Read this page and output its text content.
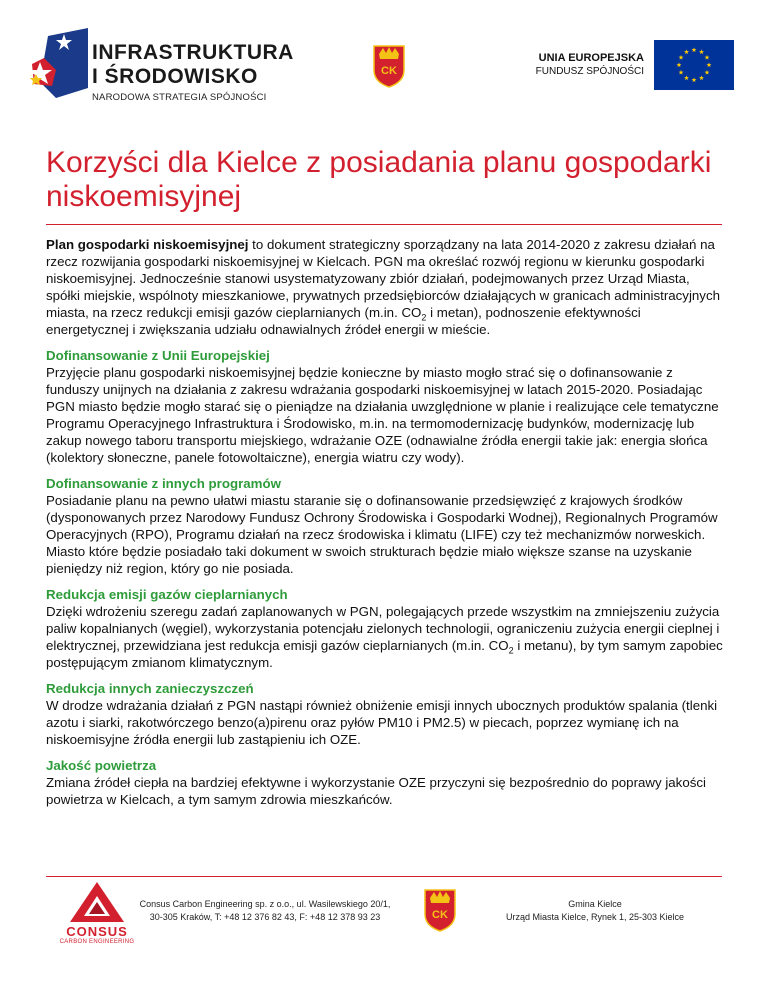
INFRASTRUKTURA
I ŚRODOWISKO
NARODOWA STRATEGIA SPÓJNOŚCI
CK
UNIA EUROPEJSKA
FUNDUSZ SPÓJNOŚCI
Korzyści dla Kielce z posiadania planu gospodarki niskoemisyjnej

Plan gospodarki niskoemisyjnej to dokument strategiczny sporządzany na lata 2014-2020 z zakresu działań na rzecz rozwijania gospodarki niskoemisyjnej w Kielcach. PGN ma określać rozwój regionu w kierunku gospodarki niskoemisyjnej. Jednocześnie stanowi usystematyzowany zbiór działań, podejmowanych przez Urząd Miasta, spółki miejskie, wspólnoty mieszkaniowe, prywatnych przedsiębiorców działających w granicach administracyjnych miasta, na rzecz redukcji emisji gazów cieplarnianych (m.in. $CO_2$ i metan), podnoszenie efektywności energetycznej i zwiększania udziału odnawialnych źródeł energii w mieście.

Dofinansowanie z Unii Europejskiej
Przyjęcie planu gospodarki niskoemisyjnej będzie konieczne by miasto mogło strać się o dofinansowanie z funduszy unijnych na działania z zakresu wdrażania gospodarki niskoemisyjnej w latach 2015-2020. Posiadając PGN miasto będzie mogło starać się o pieniądze na działania uwzględnione w planie i realizujące cele tematyczne Programu Operacyjnego Infrastruktura i Środowisko, m.in. na termomodernizację budynków, modernizację lub zakup nowego taboru transportu miejskiego, wdrażanie OZE (odnawialne źródła energii takie jak: energia słońca (kolektory słoneczne, panele fotowoltaiczne), energia wiatru czy wody).

Dofinansowanie z innych programów
Posiadanie planu na pewno ułatwi miastu staranie się o dofinansowanie przedsięwzięć z krajowych środków (dysponowanych przez Narodowy Fundusz Ochrony Środowiska i Gospodarki Wodnej), Regionalnych Programów Operacyjnych (RPO), Programu działań na rzecz środowiska i klimatu (LIFE) czy też mechanizmów norweskich. Miasto które będzie posiadało taki dokument w swoich strukturach będzie miało większe szanse na uzyskanie pieniędzy niż region, który go nie posiada.

Redukcja emisji gazów cieplarnianych
Dzięki wdrożeniu szeregu zadań zaplanowanych w PGN, polegających przede wszystkim na zmniejszeniu zużycia paliw kopalnianych (węgiel), wykorzystania potencjału zielonych technologii, ograniczeniu zużycia energii cieplnej i elektrycznej, przewidziana jest redukcja emisji gazów cieplarnianych (m.in. $CO_2$ i metanu), by tym samym zapobiec postępującym zmianom klimatycznym.

Redukcja innych zanieczyszczeń
W drodze wdrażania działań z PGN nastąpi również obniżenie emisji innych ubocznych produktów spalania (tlenki azotu i siarki, rakotwórczego benzo(a)pirenu oraz pyłów PM10 i PM2.5) w piecach, poprzez wymianę ich na niskoemisyjne źródła energii lub zastąpieniu ich OZE.

Jakość powietrza
Zmiana źródeł ciepła na bardziej efektywne i wykorzystanie OZE przyczyni się bezpośrednio do poprawy jakości powietrza w Kielcach, a tym samym zdrowia mieszkańców.

CONSUS
CARBON ENGINEERING
Consus Carbon Engineering sp. z o.o., ul. Wasilewskiego 20/1,
30-305 Kraków, T: +48 12 376 82 43, F: +48 12 378 93 23	CK
Gmina Kielce
Urząd Miasta Kielce, Rynek 1, 25-303 Kielce
